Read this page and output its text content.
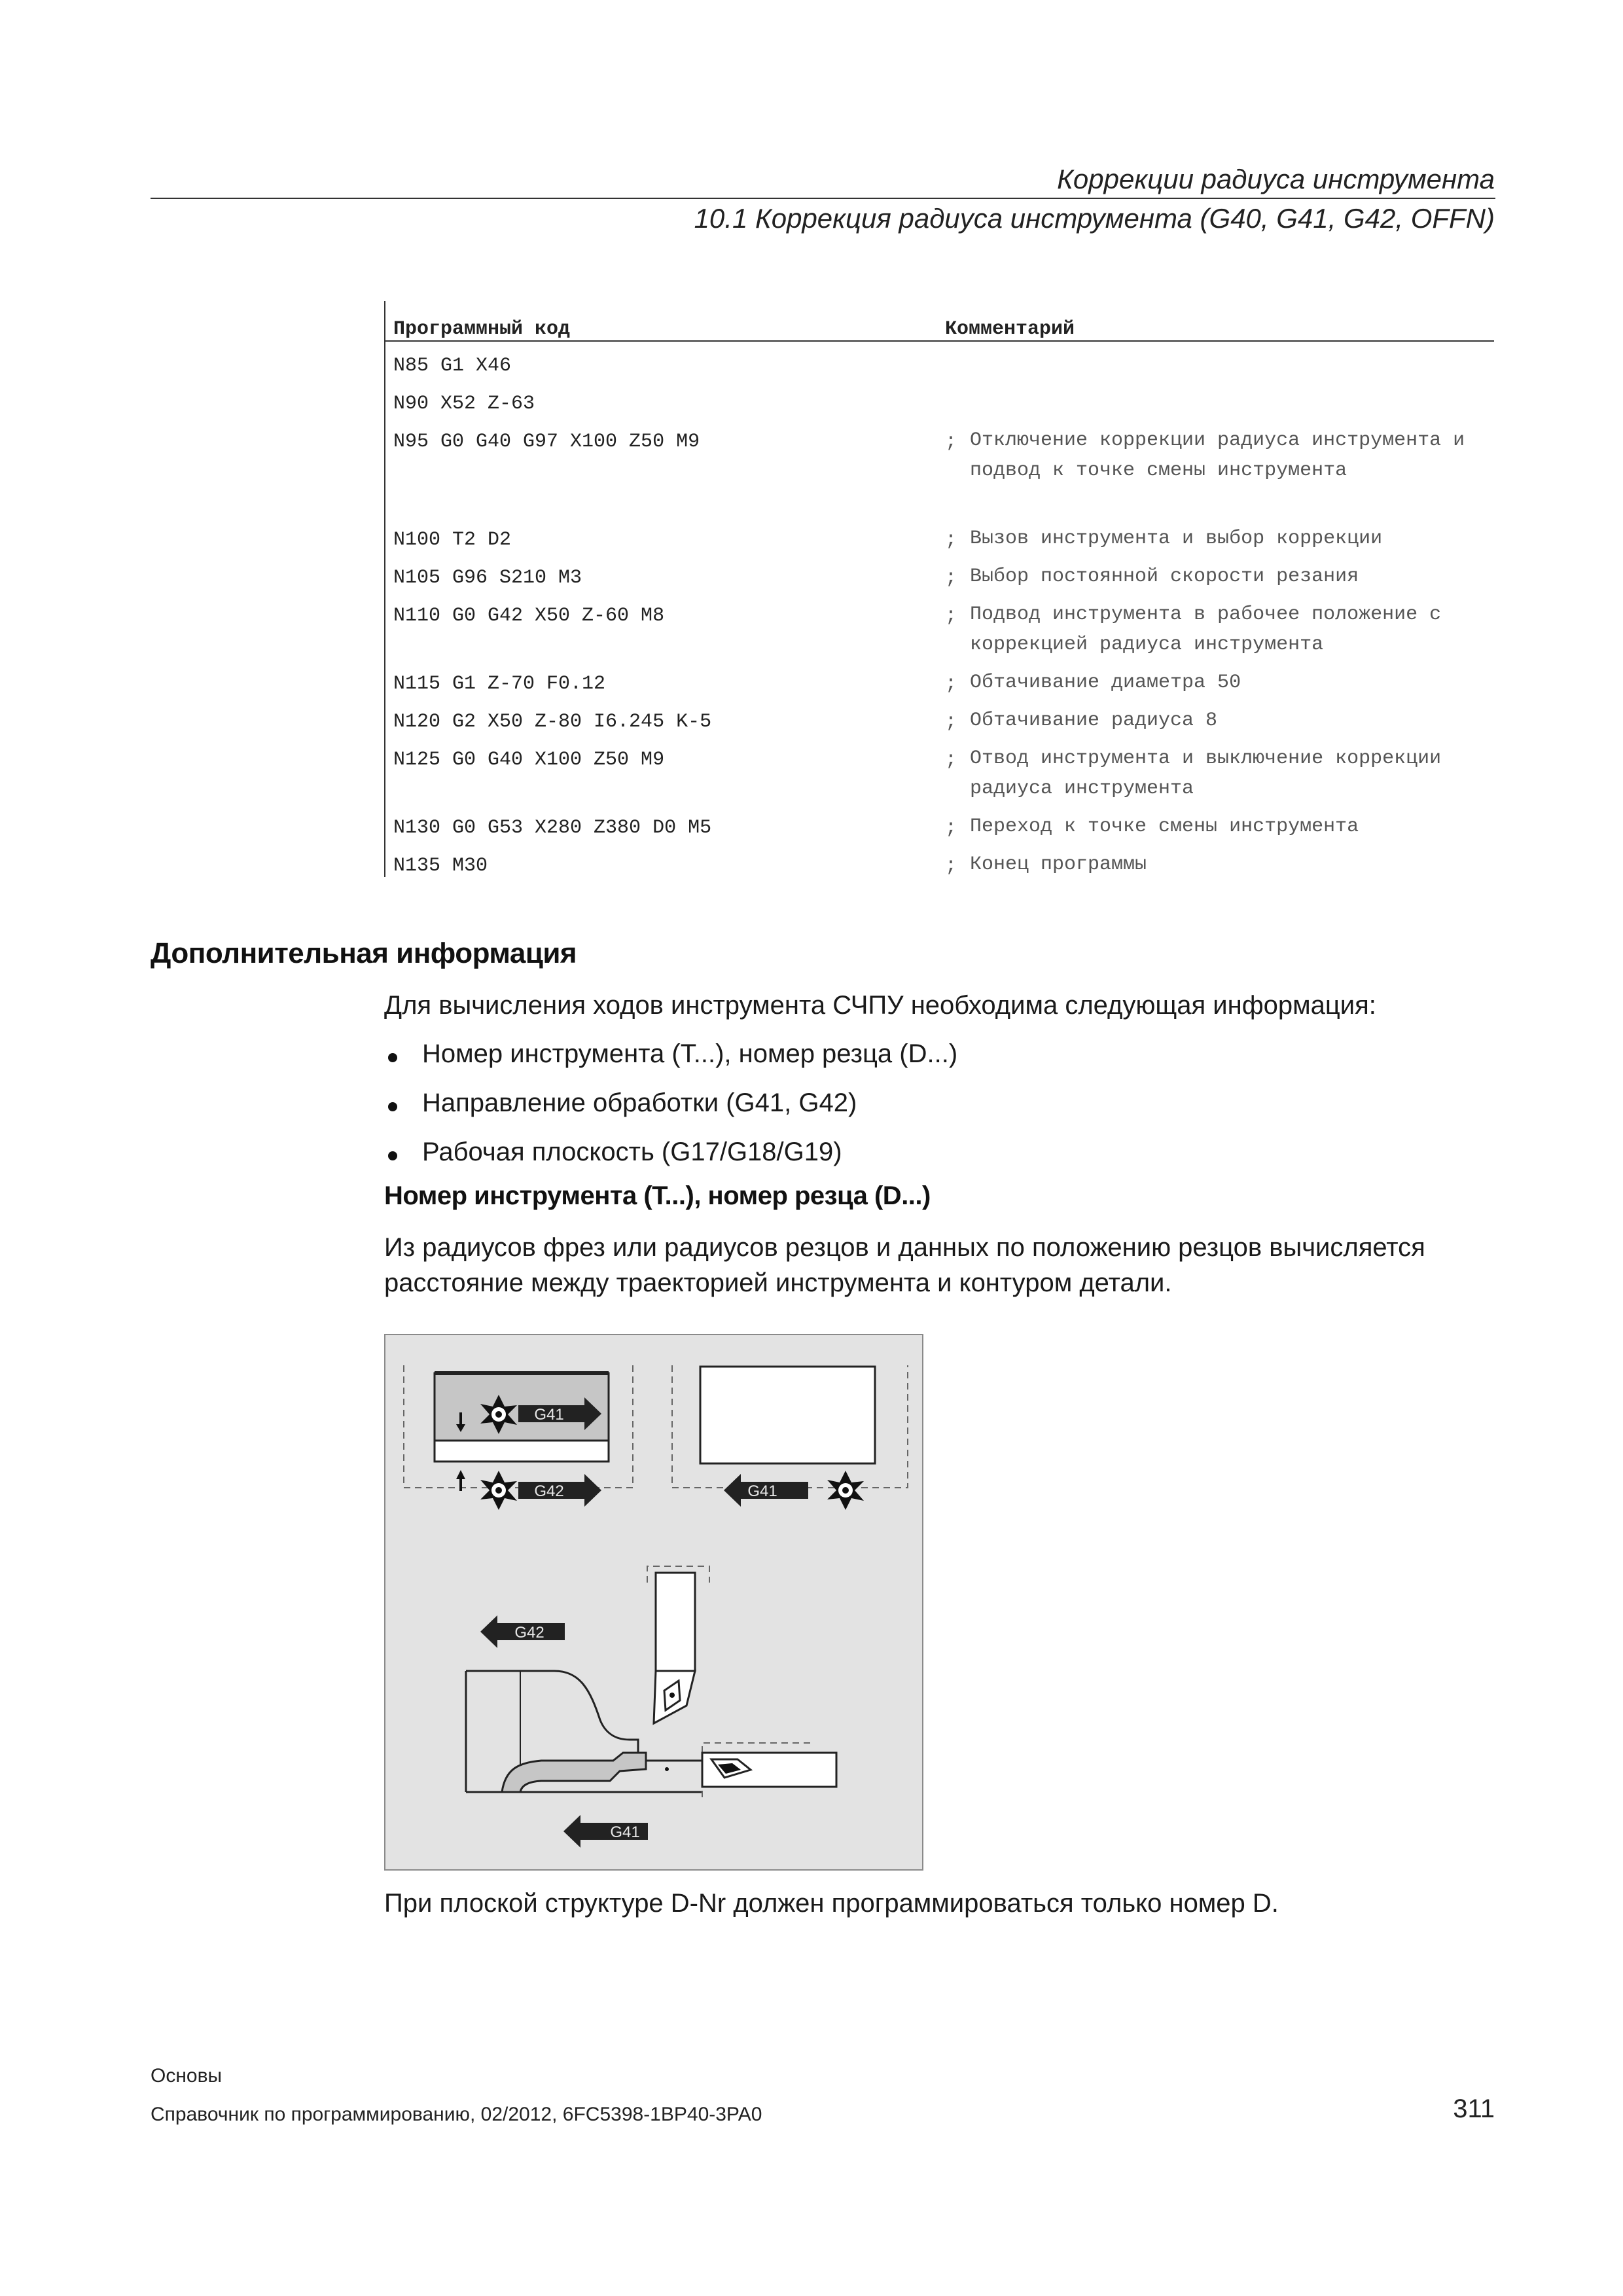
Коррекции радиуса инструмента
10.1 Коррекция радиуса инструмента (G40, G41, G42, OFFN)
Программный код	Комментарий
N85 G1 X46
N90 X52 Z-63
N95 G0 G40 G97 X100 Z50 M9	; Отключение коррекции радиуса инструмента и подвод к точке смены инструмента
N100 T2 D2	; Вызов инструмента и выбор коррекции
N105 G96 S210 M3	; Выбор постоянной скорости резания
N110 G0 G42 X50 Z-60 M8	; Подвод инструмента в рабочее положение с коррекцией радиуса инструмента
N115 G1 Z-70 F0.12	; Обтачивание диаметра 50
N120 G2 X50 Z-80 I6.245 K-5	; Обтачивание радиуса 8
N125 G0 G40 X100 Z50 M9	; Отвод инструмента и выключение коррекции радиуса инструмента
N130 G0 G53 X280 Z380 D0 M5	; Переход к точке смены инструмента
N135 M30	; Конец программы
Дополнительная информация
Для вычисления ходов инструмента СЧПУ необходима следующая информация:
Номер инструмента (T...), номер резца (D...)
Направление обработки (G41, G42)
Рабочая плоскость (G17/G18/G19)
Номер инструмента (T...), номер резца (D...)
Из радиусов фрез или радиусов резцов и данных по положению резцов вычисляется
расстояние между траекторией инструмента и контуром детали.
G41
G42	G41
G42
G41
При плоской структуре D-Nr должен программироваться только номер D.
Основы
Справочник по программированию, 02/2012, 6FC5398-1BP40-3PA0	311
